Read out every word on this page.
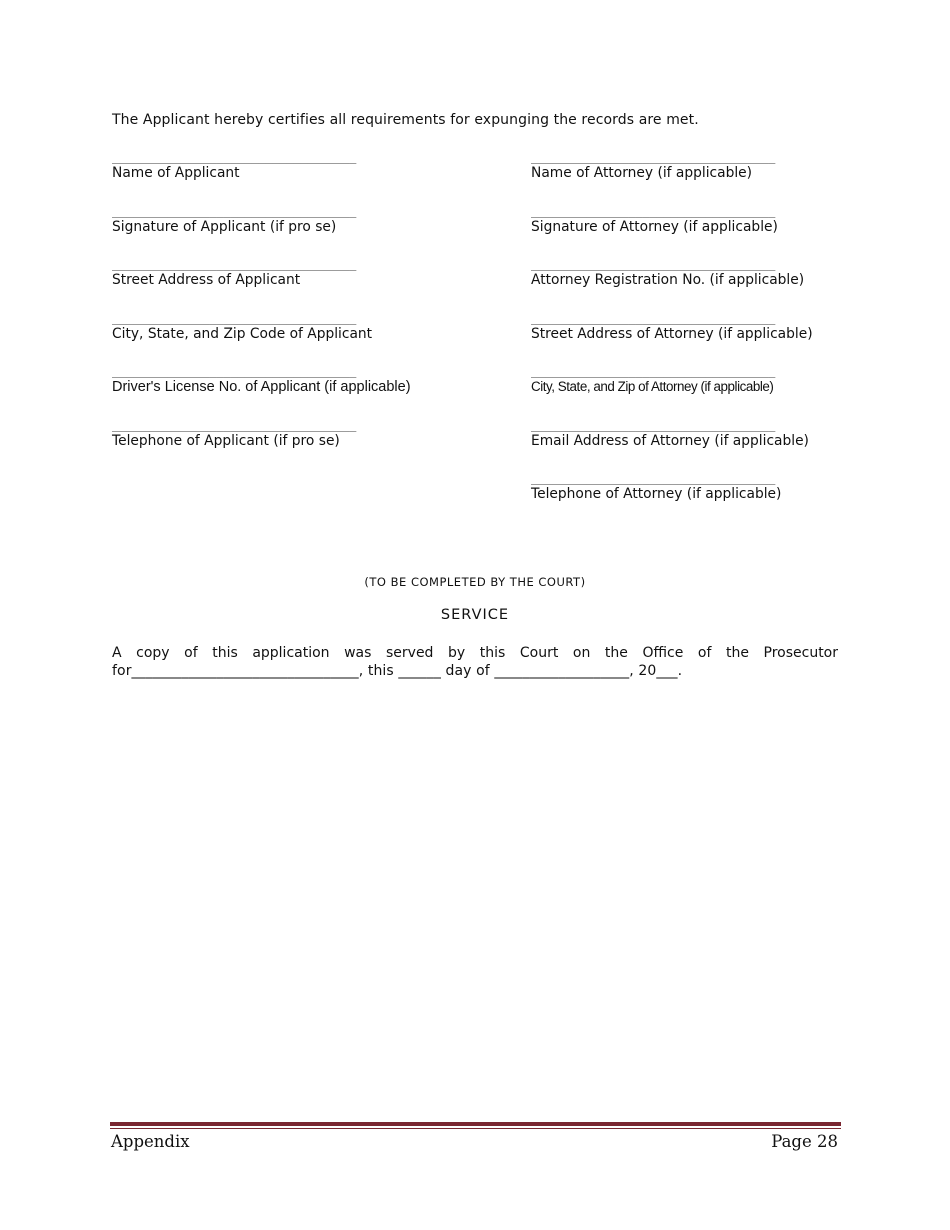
The Applicant hereby certifies all requirements for expunging the records are met.
___________________________________
Name of Applicant
___________________________________
Signature of Applicant (if pro se)
___________________________________
Street Address of Applicant
___________________________________
City, State, and Zip Code of Applicant
___________________________________
Driver's License No. of Applicant (if applicable)
___________________________________
Telephone of Applicant (if pro se)
___________________________________
Name of Attorney (if applicable)
___________________________________
Signature of Attorney (if applicable)
___________________________________
Attorney Registration No. (if applicable)
___________________________________
Street Address of Attorney (if applicable)
___________________________________
City, State, and Zip of Attorney (if applicable)
___________________________________
Email Address of Attorney (if applicable)
___________________________________
Telephone of Attorney (if applicable)
(TO BE COMPLETED BY THE COURT)
SERVICE
A copy of this application was served by this Court on the Office of the Prosecutor
for________________________________, this ______ day of ___________________, 20___.
Appendix	Page 28
